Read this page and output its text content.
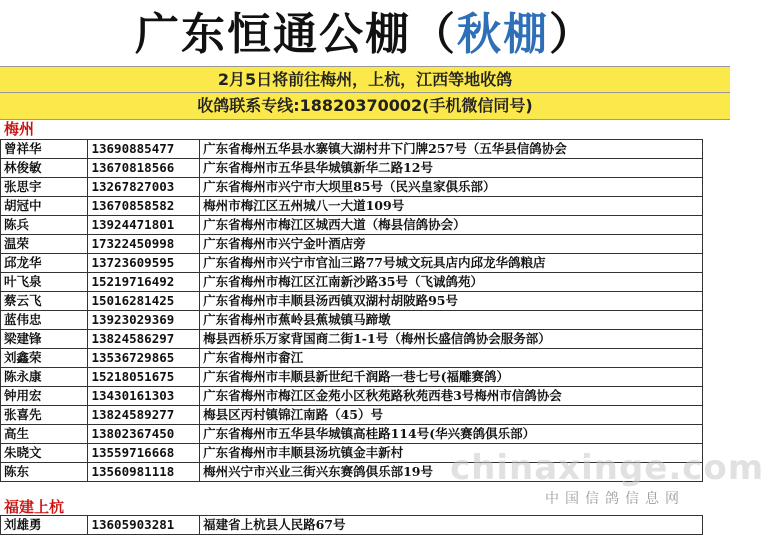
广东恒通公棚（秋棚）
2月5日将前往梅州，上杭，江西等地收鸽
收鸽联系专线:18820370002(手机微信同号)
梅州
曾祥华	13690885477	广东省梅州五华县水寨镇大湖村井下门牌257号（五华县信鸽协会
林俊敏	13670818566	广东省梅州市五华县华城镇新华二路12号
张思宇	13267827003	广东省梅州市兴宁市大坝里85号（民兴皇家俱乐部）
胡冠中	13670858582	梅州市梅江区五州城八一大道109号
陈兵	13924471801	广东省梅州市梅江区城西大道（梅县信鸽协会）
温荣	17322450998	广东省梅州市兴宁金叶酒店旁
邱龙华	13723609595	广东省梅州市兴宁市官汕三路77号城文玩具店内邱龙华鸽粮店
叶飞泉	15219716492	广东省梅州市梅江区江南新沙路35号（飞诚鸽苑）
蔡云飞	15016281425	广东省梅州市丰顺县汤西镇双湖村胡陂路95号
蓝伟忠	13923029369	广东省梅州市蕉岭县蕉城镇马蹄墩
梁建锋	13824586297	梅县西桥乐万家背国商二街1-1号（梅州长盛信鸽协会服务部）
刘鑫荣	13536729865	广东省梅州市畲江
陈永康	15218051675	广东省梅州市丰顺县新世纪千润路一巷七号(福雕赛鸽）
钟用宏	13430161303	广东省梅州市梅江区金苑小区秋苑路秋苑西巷3号梅州市信鸽协会
张喜先	13824589277	梅县区丙村镇锦江南路（45）号
高生	13802367450	广东省梅州市五华县华城镇高桂路114号(华兴赛鸽俱乐部）
朱晓文	13559716668	广东省梅州市丰顺县汤坑镇金丰新村
陈东	13560981118	梅州兴宁市兴业三街兴东赛鸽俱乐部19号
福建上杭
刘雄勇	13605903281	福建省上杭县人民路67号
chinaxinge.com
中国信鸽信息网
